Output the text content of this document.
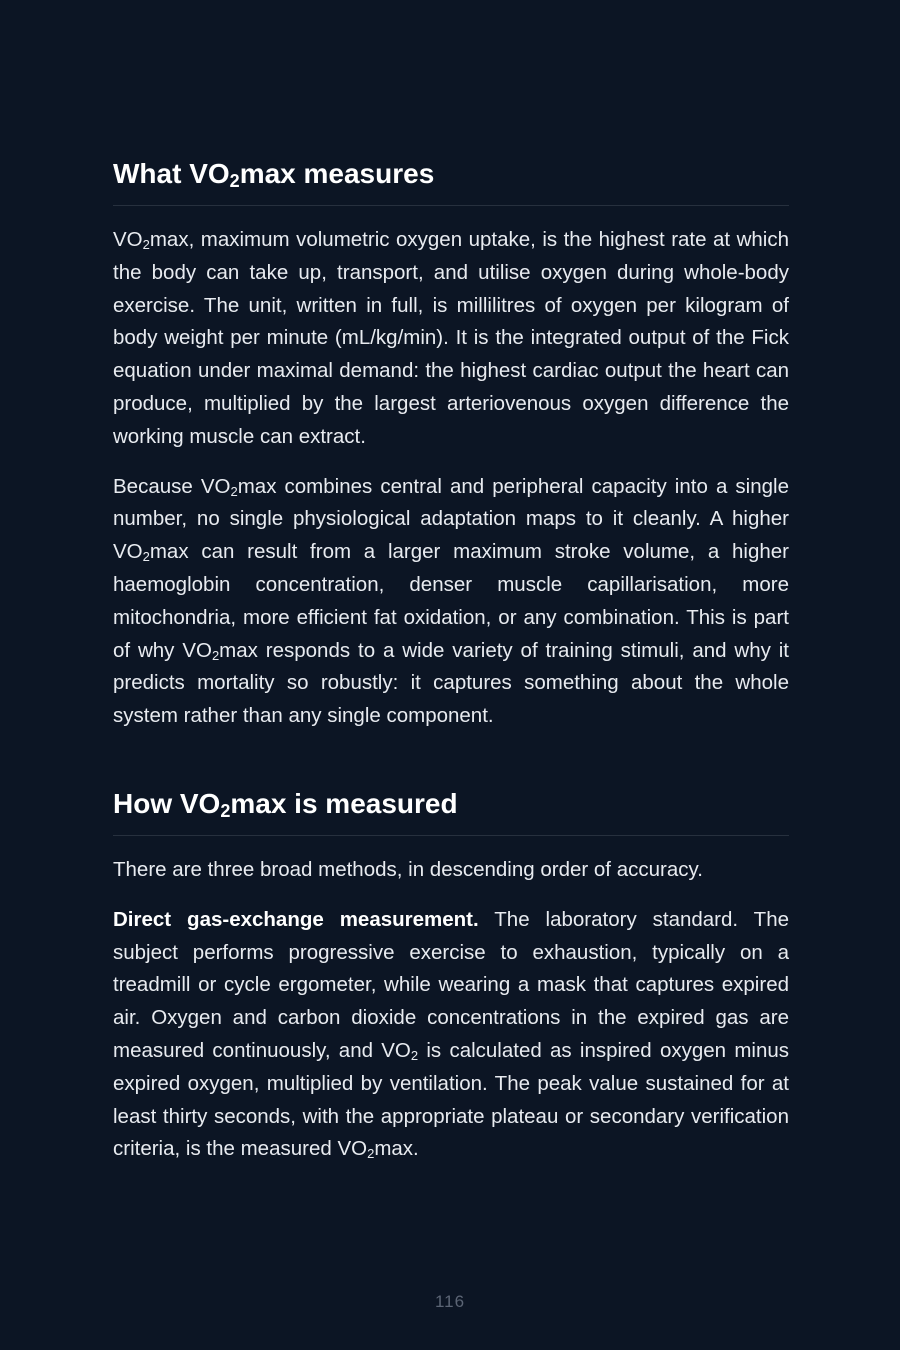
What $VO_2\max$ measures

$VO_2\max$, maximum volumetric oxygen uptake, is the highest rate at which the body can take up, transport, and utilise oxygen during whole-body exercise. The unit, written in full, is millilitres of oxygen per kilogram of body weight per minute (mL/kg/min). It is the integrated output of the Fick equation under maximal demand: the highest cardiac output the heart can produce, multiplied by the largest arteriovenous oxygen difference the working muscle can extract.

Because $VO_2\max$ combines central and peripheral capacity into a single number, no single physiological adaptation maps to it cleanly. A higher $VO_2\max$ can result from a larger maximum stroke volume, a higher haemoglobin concentration, denser muscle capillarisation, more mitochondria, more efficient fat oxidation, or any combination. This is part of why $VO_2\max$ responds to a wide variety of training stimuli, and why it predicts mortality so robustly: it captures something about the whole system rather than any single component.

How $VO_2\max$ is measured

There are three broad methods, in descending order of accuracy.

Direct gas-exchange measurement. The laboratory standard. The subject performs progressive exercise to exhaustion, typically on a treadmill or cycle ergometer, while wearing a mask that captures expired air. Oxygen and carbon dioxide concentrations in the expired gas are measured continuously, and $VO_2$ is calculated as inspired oxygen minus expired oxygen, multiplied by ventilation. The peak value sustained for at least thirty seconds, with the appropriate plateau or secondary verification criteria, is the measured $VO_2\max$.

116
